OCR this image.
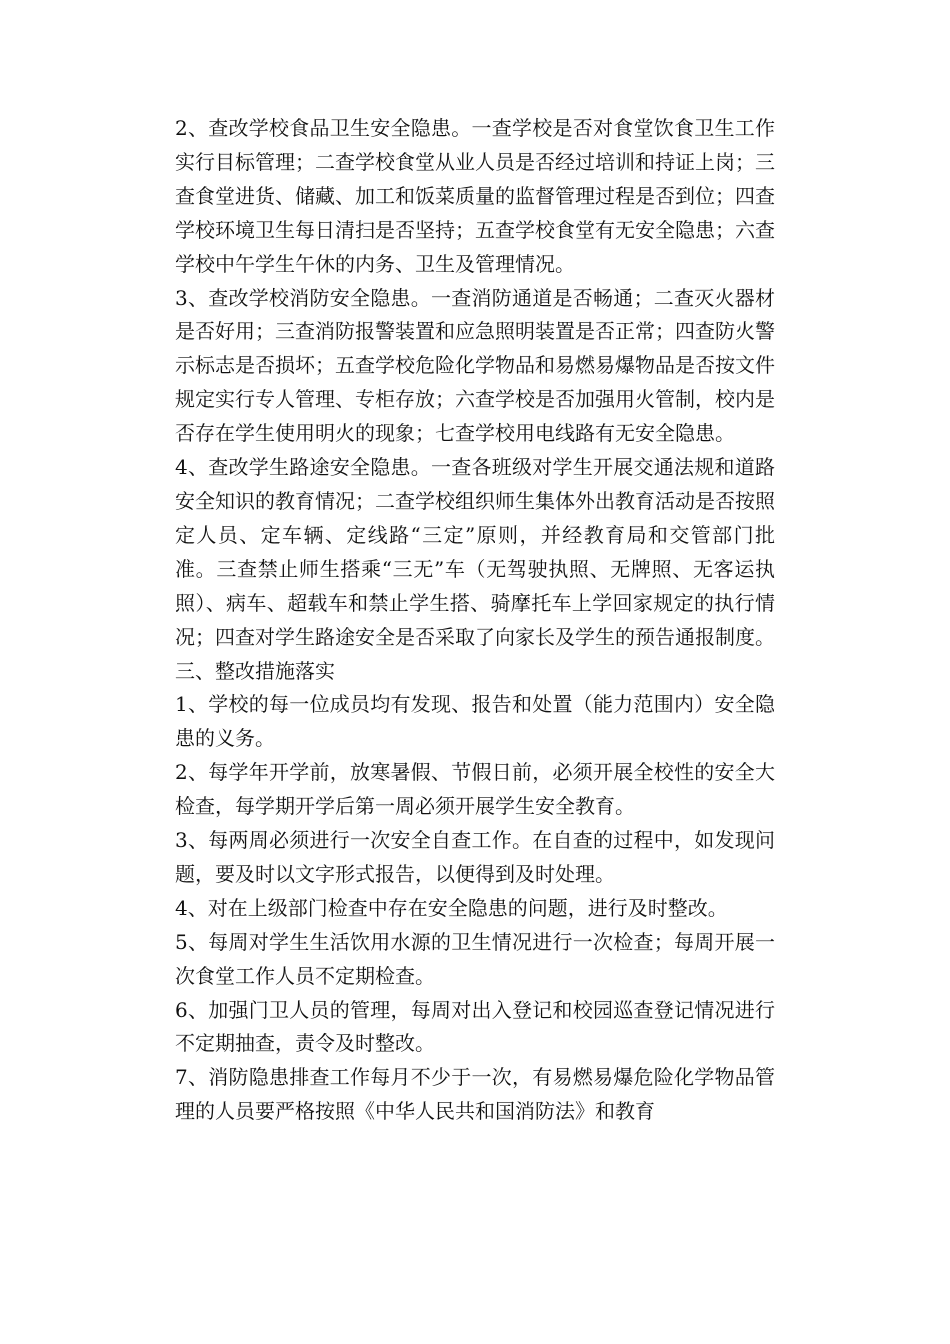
2、查改学校食品卫生安全隐患。一查学校是否对食堂饮食卫生工作实行目标管理；二查学校食堂从业人员是否经过培训和持证上岗；三查食堂进货、储藏、加工和饭菜质量的监督管理过程是否到位；四查学校环境卫生每日清扫是否坚持；五查学校食堂有无安全隐患；六查学校中午学生午休的内务、卫生及管理情况。

3、查改学校消防安全隐患。一查消防通道是否畅通；二查灭火器材是否好用；三查消防报警装置和应急照明装置是否正常；四查防火警示标志是否损坏；五查学校危险化学物品和易燃易爆物品是否按文件规定实行专人管理、专柜存放；六查学校是否加强用火管制，校内是否存在学生使用明火的现象；七查学校用电线路有无安全隐患。

4、查改学生路途安全隐患。一查各班级对学生开展交通法规和道路安全知识的教育情况；二查学校组织师生集体外出教育活动是否按照定人员、定车辆、定线路“三定”原则，并经教育局和交管部门批准。三查禁止师生搭乘“三无”车（无驾驶执照、无牌照、无客运执照）、病车、超载车和禁止学生搭、骑摩托车上学回家规定的执行情况；四查对学生路途安全是否采取了向家长及学生的预告通报制度。

三、整改措施落实

1、学校的每一位成员均有发现、报告和处置（能力范围内）安全隐患的义务。

2、每学年开学前，放寒暑假、节假日前，必须开展全校性的安全大检查，每学期开学后第一周必须开展学生安全教育。

3、每两周必须进行一次安全自查工作。在自查的过程中，如发现问题，要及时以文字形式报告，以便得到及时处理。

4、对在上级部门检查中存在安全隐患的问题，进行及时整改。

5、每周对学生生活饮用水源的卫生情况进行一次检查；每周开展一次食堂工作人员不定期检查。

6、加强门卫人员的管理，每周对出入登记和校园巡查登记情况进行不定期抽查，责令及时整改。

7、消防隐患排查工作每月不少于一次，有易燃易爆危险化学物品管理的人员要严格按照《中华人民共和国消防法》和教育
